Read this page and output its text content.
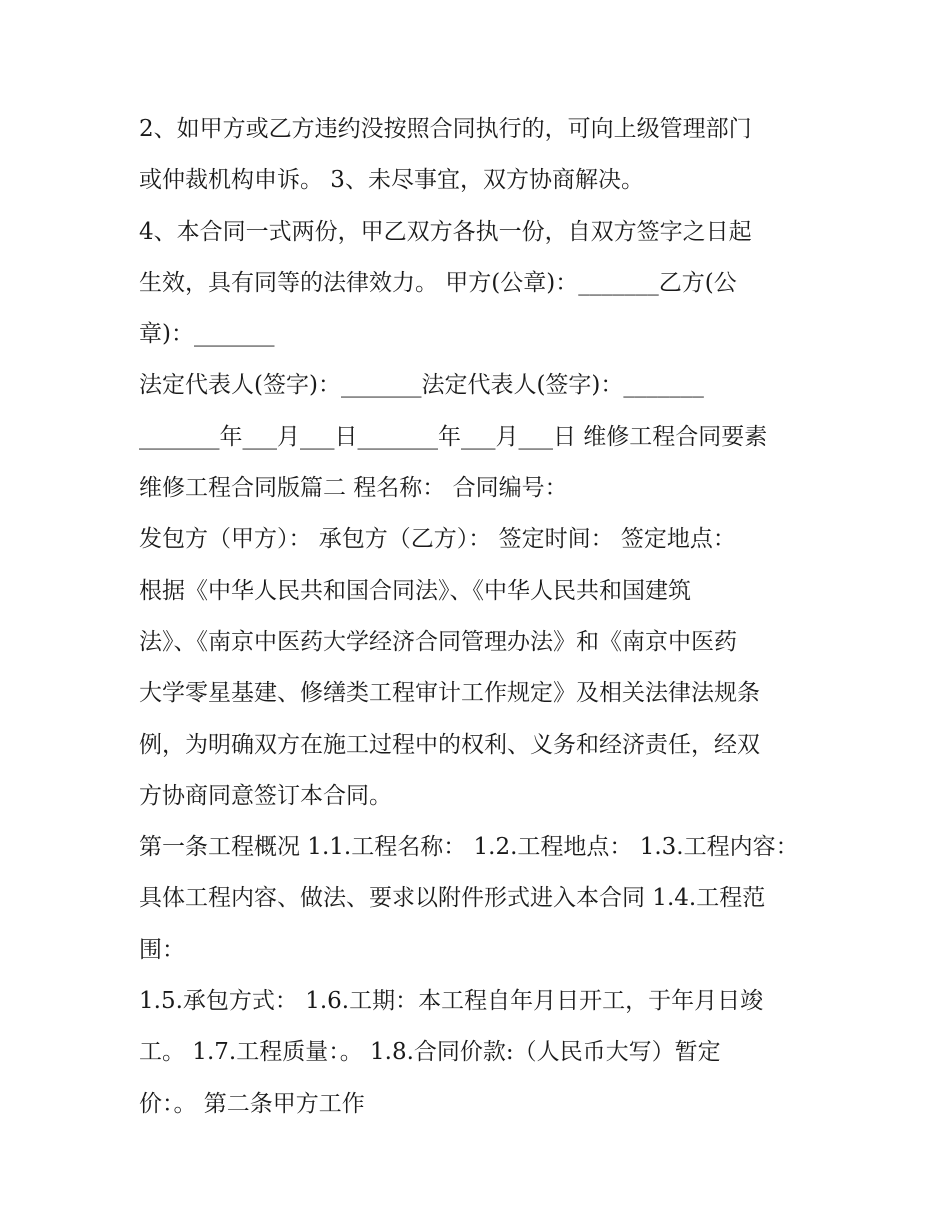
2、如甲方或乙方违约没按照合同执行的，可向上级管理部门
或仲裁机构申诉。 3、未尽事宜，双方协商解决。
4、本合同一式两份，甲乙双方各执一份，自双方签字之日起
生效，具有同等的法律效力。 甲方(公章)：_______乙方(公
章)：_______
法定代表人(签字)：_______法定代表人(签字)：_______
_______年___月___日_______年___月___日 维修工程合同要素
维修工程合同版篇二 程名称： 合同编号：
发包方（甲方）： 承包方（乙方）： 签定时间： 签定地点：
根据《中华人民共和国合同法》、《中华人民共和国建筑
法》、《南京中医药大学经济合同管理办法》和《南京中医药
大学零星基建、修缮类工程审计工作规定》及相关法律法规条
例，为明确双方在施工过程中的权利、义务和经济责任，经双
方协商同意签订本合同。
第一条工程概况 1.1.工程名称： 1.2.工程地点： 1.3.工程内容：
具体工程内容、做法、要求以附件形式进入本合同 1.4.工程范
围：
1.5.承包方式： 1.6.工期：本工程自年月日开工，于年月日竣
工。 1.7.工程质量：。 1.8.合同价款:（人民币大写）暂定
价：。 第二条甲方工作
